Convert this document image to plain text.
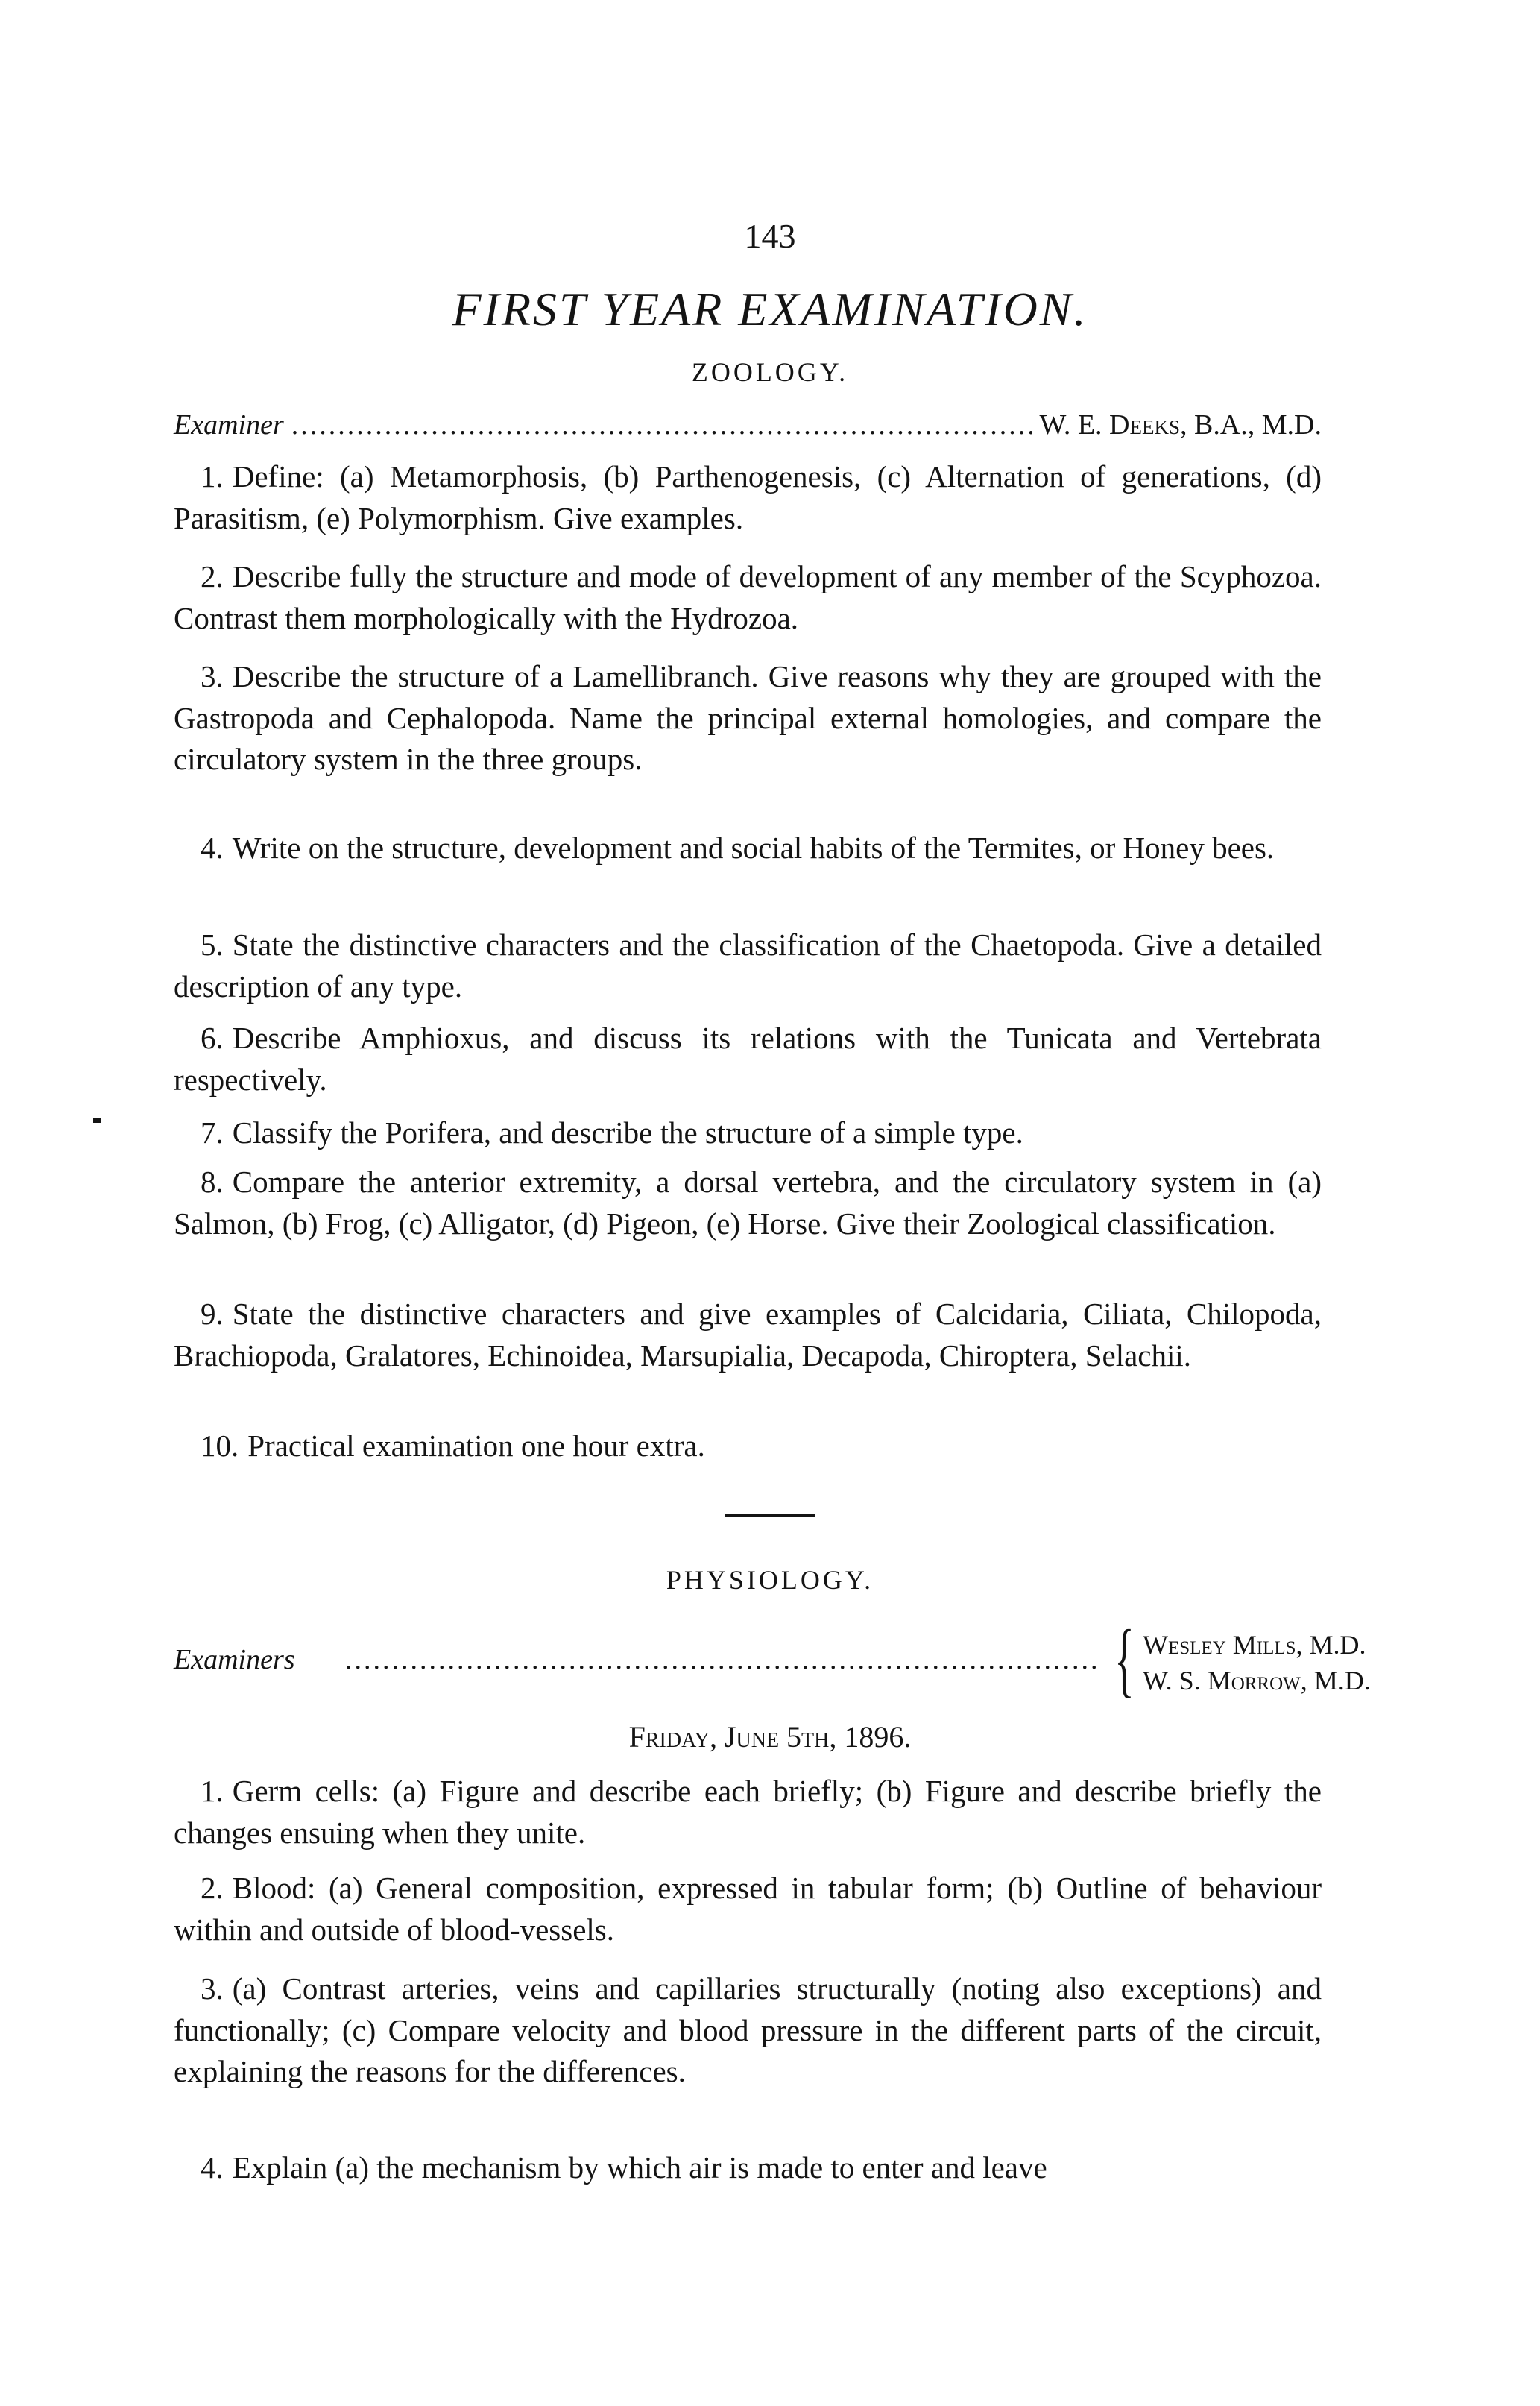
143
FIRST YEAR EXAMINATION.
ZOOLOGY.
Examiner .....	W. E. Deeks, B.A., M.D.

1. Define: (a) Metamorphosis, (b) Parthenogenesis, (c) Alternation of generations, (d) Parasitism, (e) Polymorphism. Give examples.

2. Describe fully the structure and mode of development of any member of the Scyphozoa. Contrast them morphologically with the Hydrozoa.

3. Describe the structure of a Lamellibranch. Give reasons why they are grouped with the Gastropoda and Cephalopoda. Name the principal external homologies, and compare the circulatory system in the three groups.

4. Write on the structure, development and social habits of the Termites, or Honey bees.

5. State the distinctive characters and the classification of the Chaetopoda. Give a detailed description of any type.

6. Describe Amphioxus, and discuss its relations with the Tunicata and Vertebrata respectively.

7. Classify the Porifera, and describe the structure of a simple type.

8. Compare the anterior extremity, a dorsal vertebra, and the circulatory system in (a) Salmon, (b) Frog, (c) Alligator, (d) Pigeon, (e) Horse. Give their Zoological classification.

9. State the distinctive characters and give examples of Calcidaria, Ciliata, Chilopoda, Brachiopoda, Gralatores, Echinoidea, Marsupialia, Decapoda, Chiroptera, Selachii.

10. Practical examination one hour extra.

PHYSIOLOGY.
Examiners .....	{ Wesley Mills, M.D.
W. S. Morrow, M.D.
Friday, June 5th, 1896.

1. Germ cells: (a) Figure and describe each briefly; (b) Figure and describe briefly the changes ensuing when they unite.

2. Blood: (a) General composition, expressed in tabular form; (b) Outline of behaviour within and outside of blood-vessels.

3. (a) Contrast arteries, veins and capillaries structurally (noting also exceptions) and functionally; (c) Compare velocity and blood pressure in the different parts of the circuit, explaining the reasons for the differences.

4. Explain (a) the mechanism by which air is made to enter and leave
